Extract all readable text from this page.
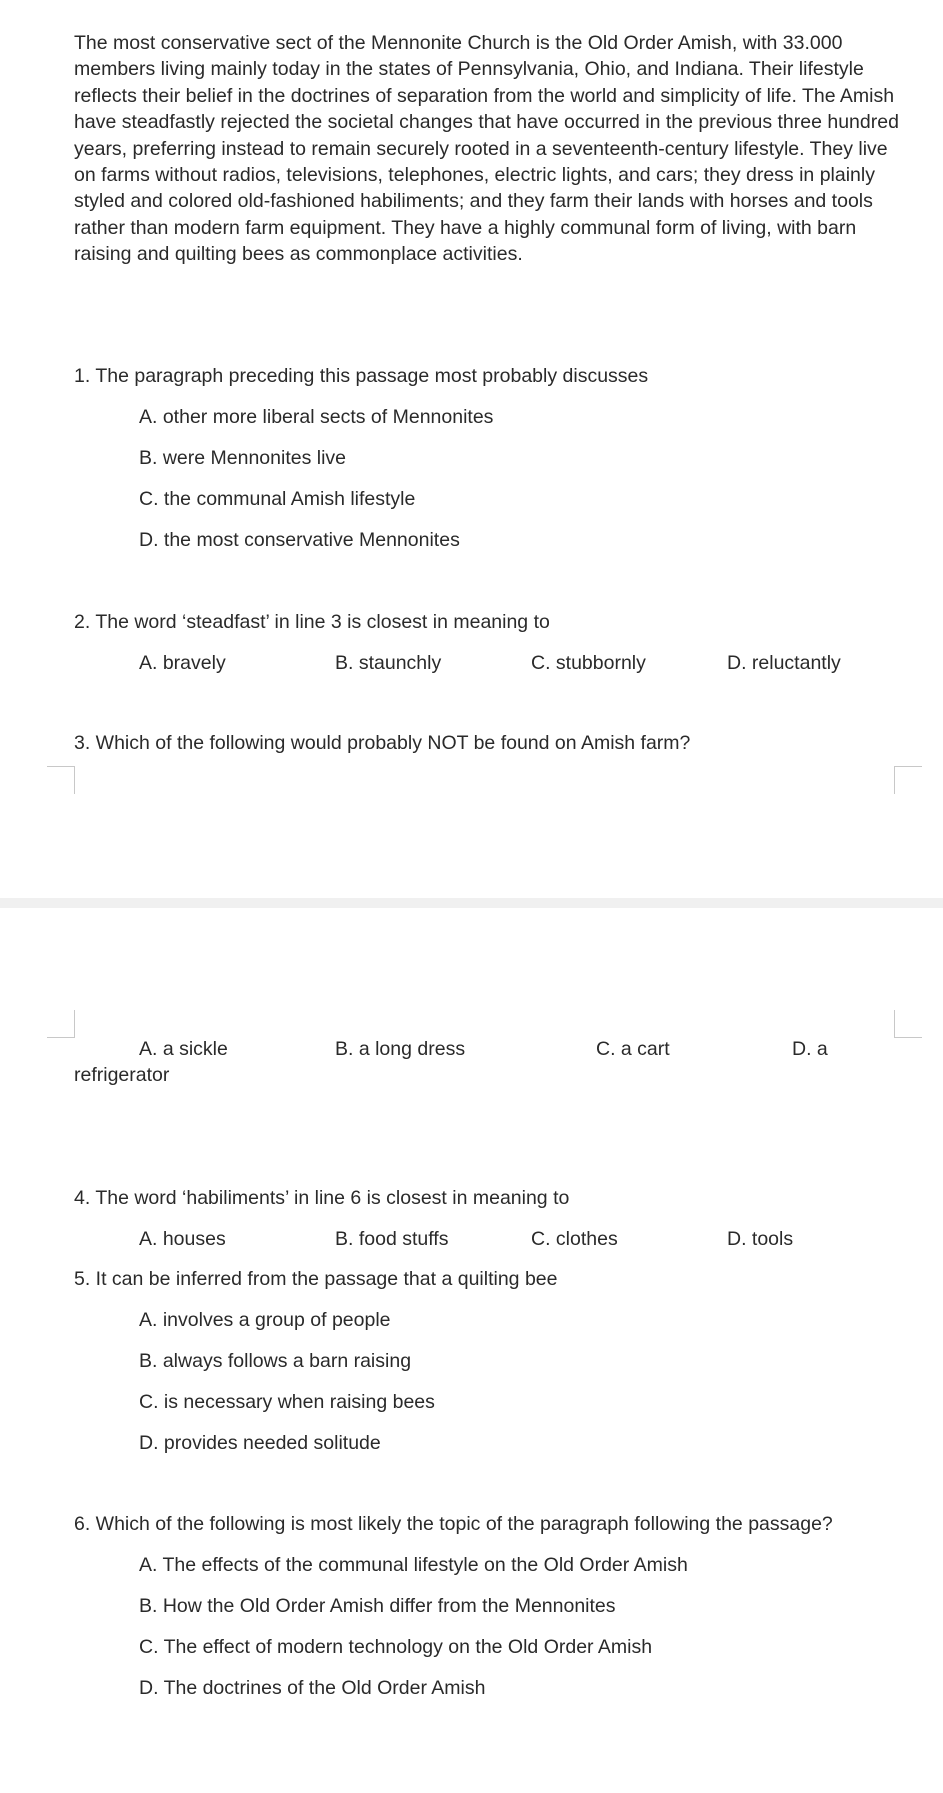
The most conservative sect of the Mennonite Church is the Old Order Amish, with 33.000 members living mainly today in the states of Pennsylvania, Ohio, and Indiana. Their lifestyle reflects their belief in the doctrines of separation from the world and simplicity of life. The Amish have steadfastly rejected the societal changes that have occurred in the previous three hundred years, preferring instead to remain securely rooted in a seventeenth-century lifestyle. They live on farms without radios, televisions, telephones, electric lights, and cars; they dress in plainly styled and colored old-fashioned habiliments; and they farm their lands with horses and tools rather than modern farm equipment. They have a highly communal form of living, with barn raising and quilting bees as commonplace activities.
1. The paragraph preceding this passage most probably discusses
A. other more liberal sects of Mennonites
B. were Mennonites live
C. the communal Amish lifestyle
D. the most conservative Mennonites
2. The word ‘steadfast’ in line 3 is closest in meaning to
A. bravely	B. staunchly	C. stubbornly	D. reluctantly
3. Which of the following would probably NOT be found on Amish farm?
A. a sickle	B. a long dress	C. a cart	D. a
refrigerator
4. The word ‘habiliments’ in line 6 is closest in meaning to
A. houses	B. food stuffs	C. clothes	D. tools
5. It can be inferred from the passage that a quilting bee
A. involves a group of people
B. always follows a barn raising
C. is necessary when raising bees
D. provides needed solitude
6. Which of the following is most likely the topic of the paragraph following the passage?
A. The effects of the communal lifestyle on the Old Order Amish
B. How the Old Order Amish differ from the Mennonites
C. The effect of modern technology on the Old Order Amish
D. The doctrines of the Old Order Amish
